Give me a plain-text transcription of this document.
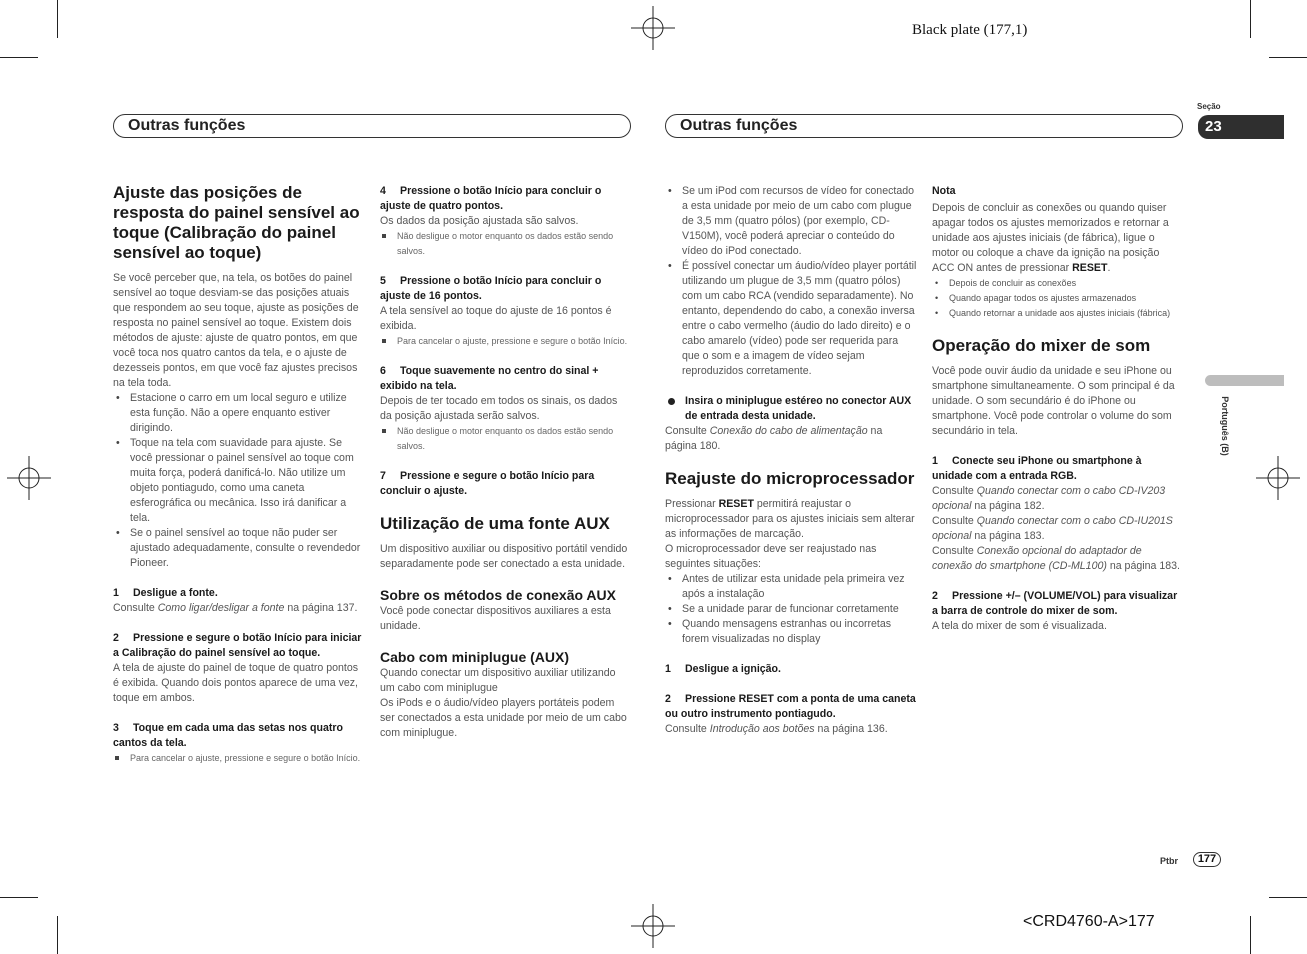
Black plate (177,1)
<CRD4760-A>177
Outras funções	Outras funções
Seção
23
Português (B)
Ajuste das posições de resposta do painel sensível ao toque (Calibração do painel sensível ao toque)

Se você perceber que, na tela, os botões do painel sensível ao toque desviam-se das posições atuais que respondem ao seu toque, ajuste as posições de resposta no painel sensível ao toque. Existem dois métodos de ajuste: ajuste de quatro pontos, em que você toca nos quatro cantos da tela, e o ajuste de dezesseis pontos, em que você faz ajustes precisos na tela toda.

• Estacione o carro em um local seguro e utilize esta função. Não a opere enquanto estiver dirigindo.
• Toque na tela com suavidade para ajuste. Se você pressionar o painel sensível ao toque com muita força, poderá danificá-lo. Não utilize um objeto pontiagudo, como uma caneta esferográfica ou mecânica. Isso irá danificar a tela.
• Se o painel sensível ao toque não puder ser ajustado adequadamente, consulte o revendedor Pioneer.

1 Desligue a fonte.

Consulte Como ligar/desligar a fonte na página 137.

2 Pressione e segure o botão Início para iniciar a Calibração do painel sensível ao toque.

A tela de ajuste do painel de toque de quatro pontos é exibida. Quando dois pontos aparece de uma vez, toque em ambos.

3 Toque em cada uma das setas nos quatro cantos da tela.

Para cancelar o ajuste, pressione e segure o botão Início.

4 Pressione o botão Início para concluir o ajuste de quatro pontos.

Os dados da posição ajustada são salvos.

Não desligue o motor enquanto os dados estão sendo salvos.

5 Pressione o botão Início para concluir o ajuste de 16 pontos.

A tela sensível ao toque do ajuste de 16 pontos é exibida.

Para cancelar o ajuste, pressione e segure o botão Início.

6 Toque suavemente no centro do sinal + exibido na tela.

Depois de ter tocado em todos os sinais, os dados da posição ajustada serão salvos.

Não desligue o motor enquanto os dados estão sendo salvos.

7 Pressione e segure o botão Início para concluir o ajuste.

Utilização de uma fonte AUX

Um dispositivo auxiliar ou dispositivo portátil vendido separadamente pode ser conectado a esta unidade.

Sobre os métodos de conexão AUX

Você pode conectar dispositivos auxiliares a esta unidade.

Cabo com miniplugue (AUX)

Quando conectar um dispositivo auxiliar utilizando um cabo com miniplugue
Os iPods e o áudio/vídeo players portáteis podem ser conectados a esta unidade por meio de um cabo com miniplugue.

• Se um iPod com recursos de vídeo for conectado a esta unidade por meio de um cabo com plugue de 3,5 mm (quatro pólos) (por exemplo, CD-V150M), você poderá apreciar o conteúdo do vídeo do iPod conectado.
• É possível conectar um áudio/vídeo player portátil utilizando um plugue de 3,5 mm (quatro pólos) com um cabo RCA (vendido separadamente). No entanto, dependendo do cabo, a conexão inversa entre o cabo vermelho (áudio do lado direito) e o cabo amarelo (vídeo) pode ser requerida para que o som e a imagem de vídeo sejam reproduzidos corretamente.

Insira o miniplugue estéreo no conector AUX de entrada desta unidade.

Consulte Conexão do cabo de alimentação na página 180.

Reajuste do microprocessador

Pressionar RESET permitirá reajustar o microprocessador para os ajustes iniciais sem alterar as informações de marcação.

O microprocessador deve ser reajustado nas seguintes situações:

• Antes de utilizar esta unidade pela primeira vez após a instalação
• Se a unidade parar de funcionar corretamente
• Quando mensagens estranhas ou incorretas forem visualizadas no display

1 Desligue a ignição.

2 Pressione RESET com a ponta de uma caneta ou outro instrumento pontiagudo.

Consulte Introdução aos botões na página 136.

Nota

Depois de concluir as conexões ou quando quiser apagar todos os ajustes memorizados e retornar a unidade aos ajustes iniciais (de fábrica), ligue o motor ou coloque a chave da ignição na posição ACC ON antes de pressionar RESET.

• Depois de concluir as conexões
• Quando apagar todos os ajustes armazenados
• Quando retornar a unidade aos ajustes iniciais (fábrica)
Operação do mixer de som

Você pode ouvir áudio da unidade e seu iPhone ou smartphone simultaneamente. O som principal é da unidade. O som secundário é do iPhone ou smartphone. Você pode controlar o volume do som secundário in tela.

1 Conecte seu iPhone ou smartphone à unidade com a entrada RGB.

Consulte Quando conectar com o cabo CD-IV203 opcional na página 182.

Consulte Quando conectar com o cabo CD-IU201S opcional na página 183.

Consulte Conexão opcional do adaptador de conexão do smartphone (CD-ML100) na página 183.

2 Pressione +/– (VOLUME/VOL) para visualizar a barra de controle do mixer de som.

A tela do mixer de som é visualizada.

Ptbr	177
